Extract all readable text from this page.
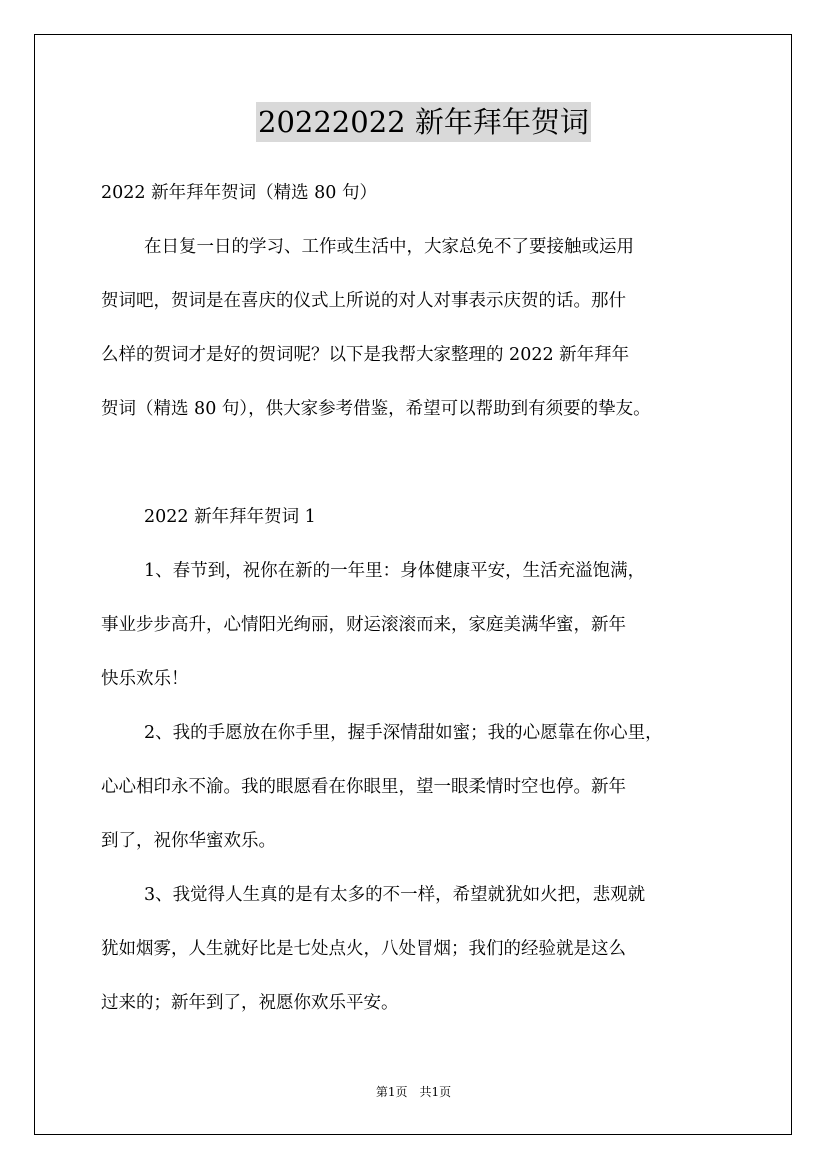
20222022 新年拜年贺词
2022 新年拜年贺词（精选 80 句）
在日复一日的学习、工作或生活中，大家总免不了要接触或运用
贺词吧，贺词是在喜庆的仪式上所说的对人对事表示庆贺的话。那什
么样的贺词才是好的贺词呢？以下是我帮大家整理的 2022 新年拜年
贺词（精选 80 句），供大家参考借鉴，希望可以帮助到有须要的挚友。
2022 新年拜年贺词 1
1、春节到，祝你在新的一年里：身体健康平安，生活充溢饱满，
事业步步高升，心情阳光绚丽，财运滚滚而来，家庭美满华蜜，新年
快乐欢乐！
2、我的手愿放在你手里，握手深情甜如蜜；我的心愿靠在你心里，
心心相印永不渝。我的眼愿看在你眼里，望一眼柔情时空也停。新年
到了，祝你华蜜欢乐。
3、我觉得人生真的是有太多的不一样，希望就犹如火把，悲观就
犹如烟雾，人生就好比是七处点火，八处冒烟；我们的经验就是这么
过来的；新年到了，祝愿你欢乐平安。
第1页　共1页
